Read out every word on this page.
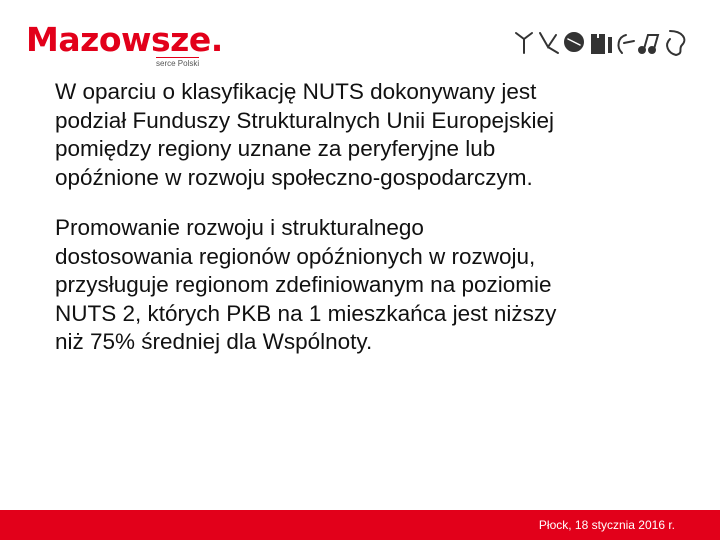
Mazowsze.
serce Polski

W oparciu o klasyfikację NUTS dokonywany jest
podział Funduszy Strukturalnych Unii Europejskiej
pomiędzy regiony uznane za peryferyjne lub
opóźnione w rozwoju społeczno-gospodarczym.

Promowanie rozwoju i strukturalnego
dostosowania regionów opóźnionych w rozwoju,
przysługuje regionom zdefiniowanym na poziomie
NUTS 2, których PKB na 1 mieszkańca jest niższy
niż 75% średniej dla Wspólnoty.

Płock, 18 stycznia 2016 r.
